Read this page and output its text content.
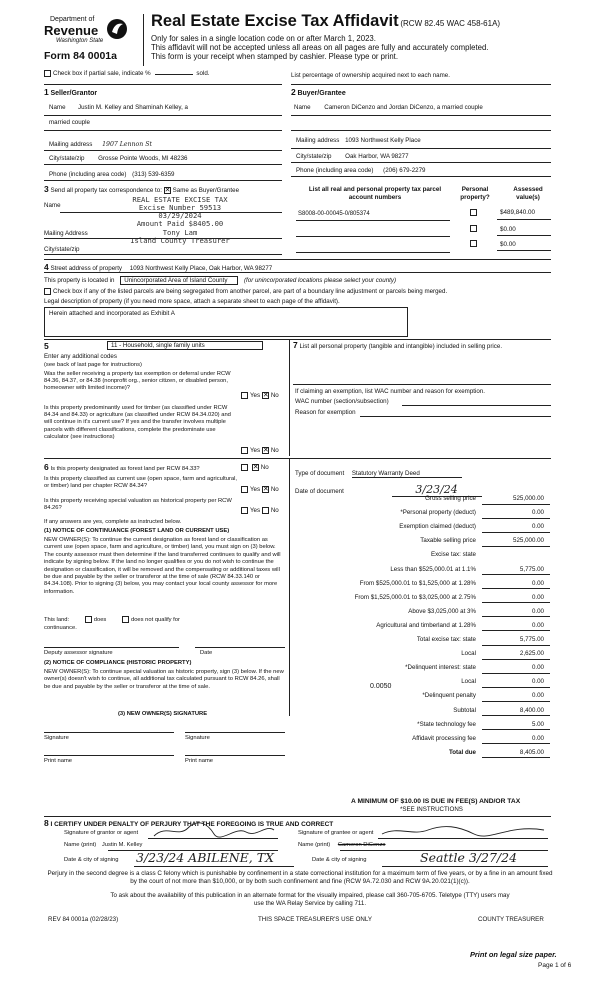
Department of
Revenue
Washington State
Form 84 0001a
Real Estate Excise Tax Affidavit (RCW 82.45 WAC 458-61A)
Only for sales in a single location code on or after March 1, 2023.
This affidavit will not be accepted unless all areas on all pages are fully and accurately completed.
This form is your receipt when stamped by cashier. Please type or print.
Check box if partial sale, indicate %	sold.	List percentage of ownership acquired next to each name.
1 Seller/Grantor
Name Justin M. Kelley and Shaminah Kelley, a
married couple
Mailing address 1907 Lennon St
City/state/zip Grosse Pointe Woods, MI 48236
Phone (including area code) (313) 539-6359
2 Buyer/Grantee
Name Cameron DiCenzo and Jordan DiCenzo, a married couple
Mailing address 1093 Northwest Kelly Place
City/state/zip Oak Harbor, WA 98277
Phone (including area code) (206) 679-2279
3 Send all property tax correspondence to: ✕ Same as Buyer/Grantee
Name
Mailing Address
City/state/zip
REAL ESTATE EXCISE TAX
Excise Number 59513
03/29/2024
Amount Paid $8405.00
Tony Lam
Island County Treasurer
List all real and personal property tax parcel account numbers
Personal property?
Assessed value(s)
S8008-00-00045-0/805374	$489,840.00
$0.00
$0.00
4 Street address of property 1093 Northwest Kelly Place, Oak Harbor, WA 98277
This property is located in Unincorporated Area of Island County	(for unincorporated locations please select your county)
Check box if any of the listed parcels are being segregated from another parcel, are part of a boundary line adjustment or parcels being merged.
Legal description of property (if you need more space, attach a separate sheet to each page of the affidavit).
Herein attached and incorporated as Exhibit A
5	11 - Household, single family units
Enter any additional codes
(see back of last page for instructions)
Was the seller receiving a property tax exemption or deferral under RCW 84.36, 84.37, or 84.38 (nonprofit org., senior citizen, or disabled person, homeowner with limited income)?
Yes ✕ No
Is this property predominantly used for timber (as classified under RCW 84.34 and 84.33) or agriculture (as classified under RCW 84.34.020) and will continue in it's current use? If yes and the transfer involves multiple parcels with different classifications, complete the predominate use calculator (see instructions)
Yes ✕ No
7 List all personal property (tangible and intangible) included in selling price.
If claiming an exemption, list WAC number and reason for exemption.
WAC number (section/subsection)
Reason for exemption
6 Is this property designated as forest land per RCW 84.33?	✕ No
Is this property classified as current use (open space, farm and agricultural, or timber) land per chapter RCW 84.34?	Yes ✕ No
Is this property receiving special valuation as historical property per RCW 84.26?	Yes No
If any answers are yes, complete as instructed below.
(1) NOTICE OF CONTINUANCE (FOREST LAND OR CURRENT USE)
NEW OWNER(S): To continue the current designation as forest land or classification as current use (open space, farm and agriculture, or timber) land, you must sign on (3) below. The county assessor must then determine if the land transferred continues to qualify and will indicate by signing below. If the land no longer qualifies or you do not wish to continue the designation or classification, it will be removed and the compensating or additional taxes will be due and payable by the seller or transferor at the time of sale (RCW 84.33.140 or 84.34.108). Prior to signing (3) below, you may contact your local county assessor for more information.
This land:	does	does not qualify for
continuance.
Deputy assessor signature	Date
(2) NOTICE OF COMPLIANCE (HISTORIC PROPERTY)
NEW OWNER(S): To continue special valuation as historic property, sign (3) below. If the new owner(s) doesn't wish to continue, all additional tax calculated pursuant to RCW 84.26, shall be due and payable by the seller or transferor at the time of sale.
(3) NEW OWNER(S) SIGNATURE
Signature	Signature
Print name	Print name
Type of document Statutory Warranty Deed
Date of document	3/23/24
Gross selling price	525,000.00
*Personal property (deduct)	0.00
Exemption claimed (deduct)	0.00
Taxable selling price	525,000.00
Excise tax: state
Less than $525,000.01 at 1.1%	5,775.00
From $525,000.01 to $1,525,000 at 1.28%	0.00
From $1,525,000.01 to $3,025,000 at 2.75%	0.00
Above $3,025,000 at 3%	0.00
Agricultural and timberland at 1.28%	0.00
Total excise tax: state	5,775.00
Local	2,625.00
*Delinquent interest: state	0.00
Local	0.00
*Delinquent penalty	0.00
Subtotal	8,400.00
*State technology fee	5.00
Affidavit processing fee	0.00
Total due	8,405.00
0.0050
A MINIMUM OF $10.00 IS DUE IN FEE(S) AND/OR TAX
*SEE INSTRUCTIONS
8 I CERTIFY UNDER PENALTY OF PERJURY THAT THE FOREGOING IS TRUE AND CORRECT
Signature of grantor or agent	Signature of grantee or agent
Name (print) Justin M. Kelley	Name (print) Cameron DiCenzo
Date & city of signing 3/23/24 ABILENE, TX	Date & city of signing	Seattle 3/27/24
Perjury in the second degree is a class C felony which is punishable by confinement in a state correctional institution for a maximum term of five years, or by a fine in an amount fixed by the court of not more than $10,000, or by both such confinement and fine (RCW 9A.72.030 and RCW 9A.20.021(1)(c)).
To ask about the availability of this publication in an alternate format for the visually impaired, please call 360-705-6705. Teletype (TTY) users may use the WA Relay Service by calling 711.
REV 84 0001a (02/28/23)	THIS SPACE TREASURER'S USE ONLY	COUNTY TREASURER
Print on legal size paper.
Page 1 of 6
